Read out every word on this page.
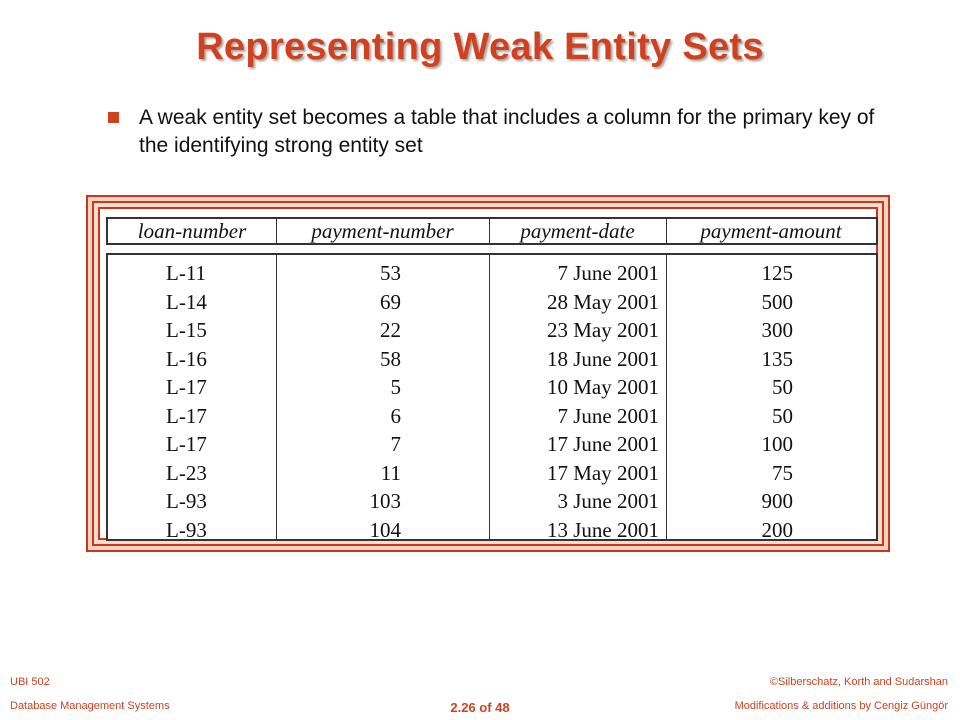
Representing Weak Entity Sets
A weak entity set becomes a table that includes a column for the primary key of the identifying strong entity set
loan-number	payment-number	payment-date	payment-amount
L-11	53	7 June 2001	125
L-14	69	28 May 2001	500
L-15	22	23 May 2001	300
L-16	58	18 June 2001	135
L-17	5	10 May 2001	50
L-17	6	7 June 2001	50
L-17	7	17 June 2001	100
L-23	11	17 May 2001	75
L-93	103	3 June 2001	900
L-93	104	13 June 2001	200
UBI 502
Database Management Systems
©Silberschatz, Korth and Sudarshan
Modifications & additions by Cengiz Güngör
2.26 of 48
